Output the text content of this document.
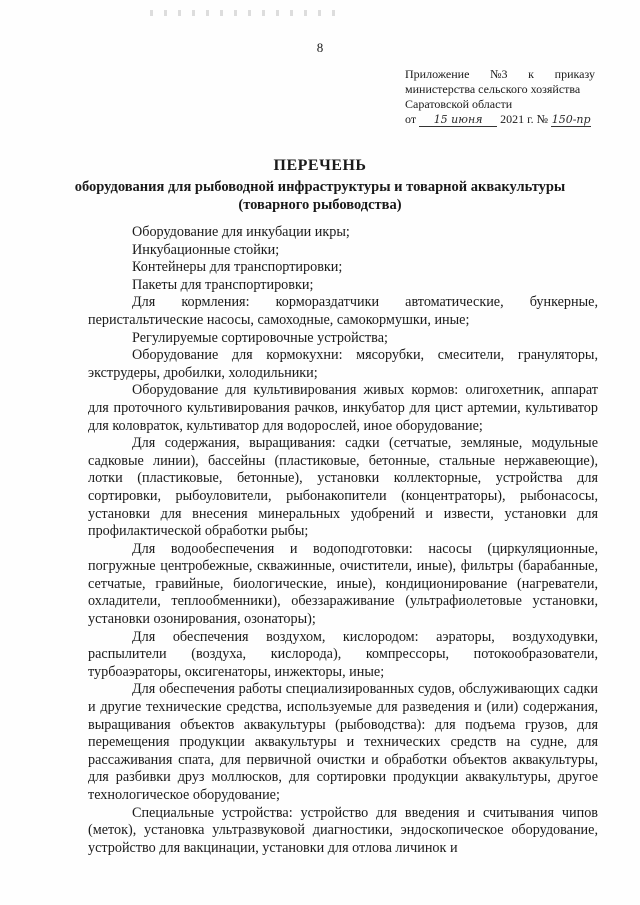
8
Приложение №3 к приказу
министерства сельского хозяйства
Саратовской области
от 15 июня 2021 г. № 150-пр
ПЕРЕЧЕНЬ
оборудования для рыбоводной инфраструктуры и товарной аквакультуры (товарного рыбоводства)

Оборудование для инкубации икры;

Инкубационные стойки;

Контейнеры для транспортировки;

Пакеты для транспортировки;

Для кормления: кормораздатчики автоматические, бункерные, перистальтические насосы, самоходные, самокормушки, иные;

Регулируемые сортировочные устройства;

Оборудование для кормокухни: мясорубки, смесители, грануляторы, экструдеры, дробилки, холодильники;

Оборудование для культивирования живых кормов: олигохетник, аппарат для проточного культивирования рачков, инкубатор для цист артемии, культиватор для коловраток, культиватор для водорослей, иное оборудование;

Для содержания, выращивания: садки (сетчатые, земляные, модульные садковые линии), бассейны (пластиковые, бетонные, стальные нержавеющие), лотки (пластиковые, бетонные), установки коллекторные, устройства для сортировки, рыбоуловители, рыбонакопители (концентраторы), рыбонасосы, установки для внесения минеральных удобрений и извести, установки для профилактической обработки рыбы;

Для водообеспечения и водоподготовки: насосы (циркуляционные, погружные центробежные, скважинные, очистители, иные), фильтры (барабанные, сетчатые, гравийные, биологические, иные), кондиционирование (нагреватели, охладители, теплообменники), обеззараживание (ультрафиолетовые установки, установки озонирования, озонаторы);

Для обеспечения воздухом, кислородом: аэраторы, воздуходувки, распылители (воздуха, кислорода), компрессоры, потокообразователи, турбоаэраторы, оксигенаторы, инжекторы, иные;

Для обеспечения работы специализированных судов, обслуживающих садки и другие технические средства, используемые для разведения и (или) содержания, выращивания объектов аквакультуры (рыбоводства): для подъема грузов, для перемещения продукции аквакультуры и технических средств на судне, для рассаживания спата, для первичной очистки и обработки объектов аквакультуры, для разбивки друз моллюсков, для сортировки продукции аквакультуры, другое технологическое оборудование;

Специальные устройства: устройство для введения и считывания чипов (меток), установка ультразвуковой диагностики, эндоскопическое оборудование, устройство для вакцинации, установки для отлова личинок и
